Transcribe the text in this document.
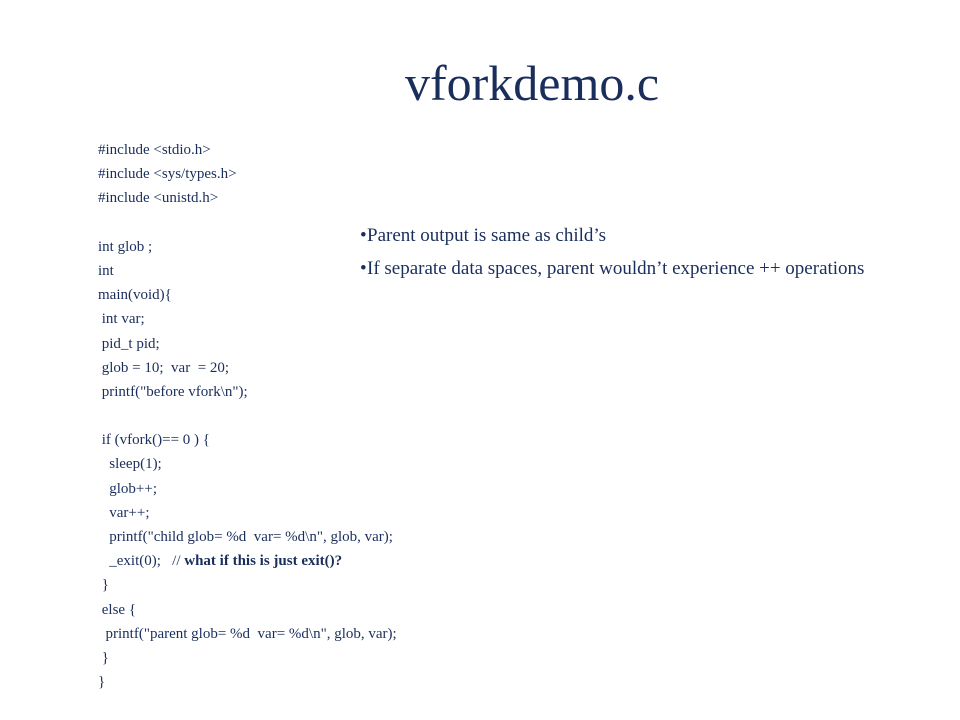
vforkdemo.c
#include <stdio.h>
#include <sys/types.h>
#include <unistd.h>
int glob ;
int
main(void){
int var;
pid_t pid;
glob = 10;  var  = 20;
printf("before vfork\n");
if (vfork()== 0 ) {
sleep(1);
glob++;
var++;
printf("child glob= %d  var= %d\n", glob, var);
_exit(0);   // what if this is just exit()?
}
else {
printf("parent glob= %d  var= %d\n", glob, var);
}
}
• Parent output is same as child’s
• If separate data spaces, parent wouldn’t experience ++ operations
